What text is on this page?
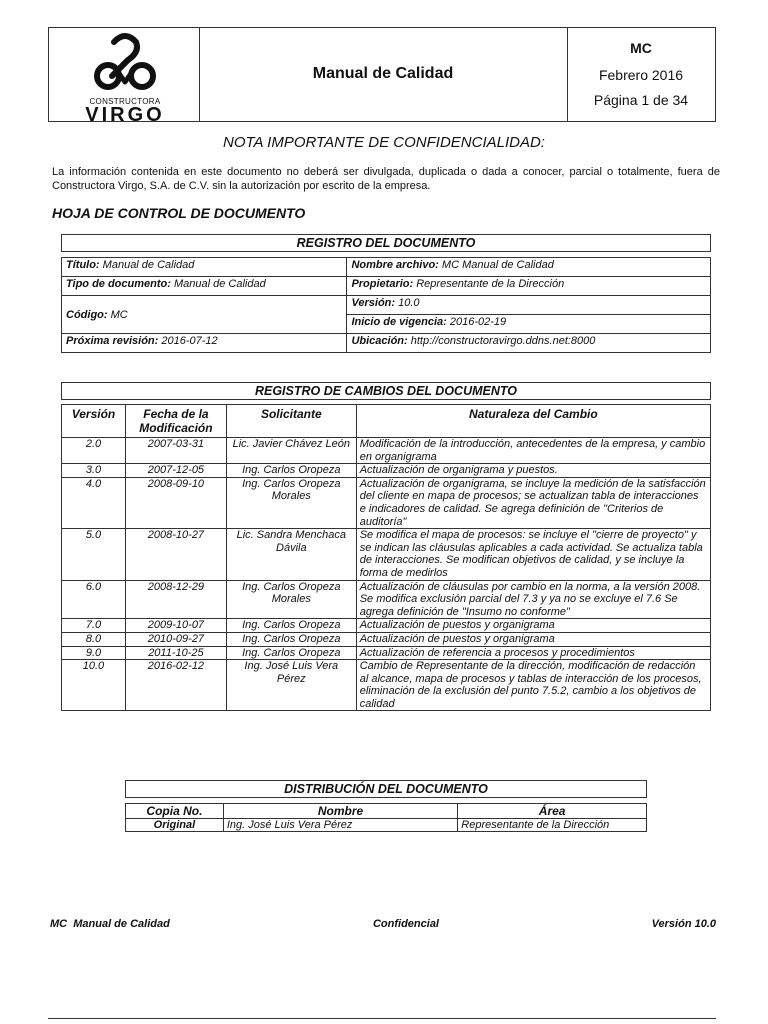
CONSTRUCTORA
VIRGO
Manual de Calidad
MC
Febrero 2016
Página 1 de 34
NOTA IMPORTANTE DE CONFIDENCIALIDAD:
La información contenida en este documento no deberá ser divulgada, duplicada o dada a conocer, parcial o totalmente, fuera de Constructora Virgo, S.A. de C.V. sin la autorización por escrito de la empresa.
HOJA DE CONTROL DE DOCUMENTO
REGISTRO DEL DOCUMENTO
Título: Manual de Calidad	Nombre archivo: MC Manual de Calidad
Tipo de documento: Manual de Calidad	Propietario: Representante de la Dirección
Código: MC	Versión: 10.0
	Inicio de vigencia: 2016-02-19
Próxima revisión: 2016-07-12	Ubicación: http://constructoravirgo.ddns.net:8000
REGISTRO DE CAMBIOS DEL DOCUMENTO
Versión	Fecha de la Modificación	Solicitante	Naturaleza del Cambio
2.0	2007-03-31	Lic. Javier Chávez León	Modificación de la introducción, antecedentes de la empresa, y cambio en organigrama
3.0	2007-12-05	Ing. Carlos Oropeza	Actualización de organigrama y puestos.
4.0	2008-09-10	Ing. Carlos Oropeza Morales	Actualización de organigrama, se incluye la medición de la satisfacción del cliente en mapa de procesos; se actualizan tabla de interacciones e indicadores de calidad. Se agrega definición de "Criterios de auditoría"
5.0	2008-10-27	Lic. Sandra Menchaca Dávila	Se modifica el mapa de procesos: se incluye el "cierre de proyecto" y se indican las cláusulas aplicables a cada actividad. Se actualiza tabla de interacciones. Se modifican objetivos de calidad, y se incluye la forma de medirlos
6.0	2008-12-29	Ing. Carlos Oropeza Morales	Actualización de cláusulas por cambio en la norma, a la versión 2008. Se modifica exclusión parcial del 7.3 y ya no se excluye el 7.6 Se agrega definición de "Insumo no conforme"
7.0	2009-10-07	Ing. Carlos Oropeza	Actualización de puestos y organigrama
8.0	2010-09-27	Ing. Carlos Oropeza	Actualización de puestos y organigrama
9.0	2011-10-25	Ing. Carlos Oropeza	Actualización de referencia a procesos y procedimientos
10.0	2016-02-12	Ing. José Luis Vera Pérez	Cambio de Representante de la dirección, modificación de redacción al alcance, mapa de procesos y tablas de interacción de los procesos, eliminación de la exclusión del punto 7.5.2, cambio a los objetivos de calidad
DISTRIBUCIÓN DEL DOCUMENTO
Copia No.	Nombre	Área
Original	Ing. José Luis Vera Pérez	Representante de la Dirección
MC Manual de Calidad	Confidencial	Versión 10.0
